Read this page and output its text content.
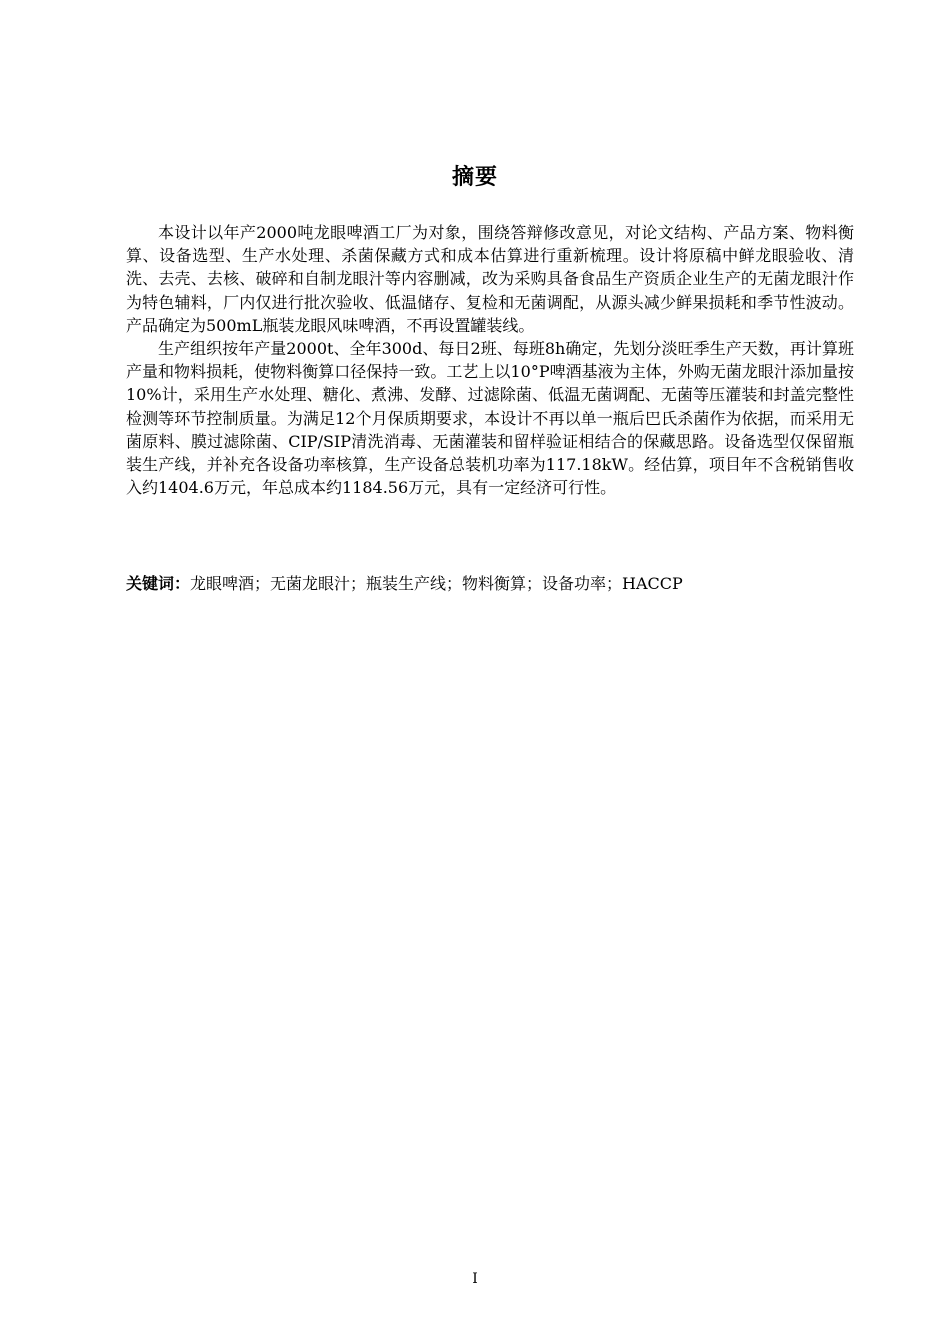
摘要

本设计以年产2000吨龙眼啤酒工厂为对象，围绕答辩修改意见，对论文结构、产品方案、物料衡算、设备选型、生产水处理、杀菌保藏方式和成本估算进行重新梳理。设计将原稿中鲜龙眼验收、清洗、去壳、去核、破碎和自制龙眼汁等内容删减，改为采购具备食品生产资质企业生产的无菌龙眼汁作为特色辅料，厂内仅进行批次验收、低温储存、复检和无菌调配，从源头减少鲜果损耗和季节性波动。产品确定为500mL瓶装龙眼风味啤酒，不再设置罐装线。

生产组织按年产量2000t、全年300d、每日2班、每班8h确定，先划分淡旺季生产天数，再计算班产量和物料损耗，使物料衡算口径保持一致。工艺上以10°P啤酒基液为主体，外购无菌龙眼汁添加量按10%计，采用生产水处理、糖化、煮沸、发酵、过滤除菌、低温无菌调配、无菌等压灌装和封盖完整性检测等环节控制质量。为满足12个月保质期要求，本设计不再以单一瓶后巴氏杀菌作为依据，而采用无菌原料、膜过滤除菌、CIP/SIP清洗消毒、无菌灌装和留样验证相结合的保藏思路。设备选型仅保留瓶装生产线，并补充各设备功率核算，生产设备总装机功率为117.18kW。经估算，项目年不含税销售收入约1404.6万元，年总成本约1184.56万元，具有一定经济可行性。

关键词：龙眼啤酒；无菌龙眼汁；瓶装生产线；物料衡算；设备功率；HACCP
I
